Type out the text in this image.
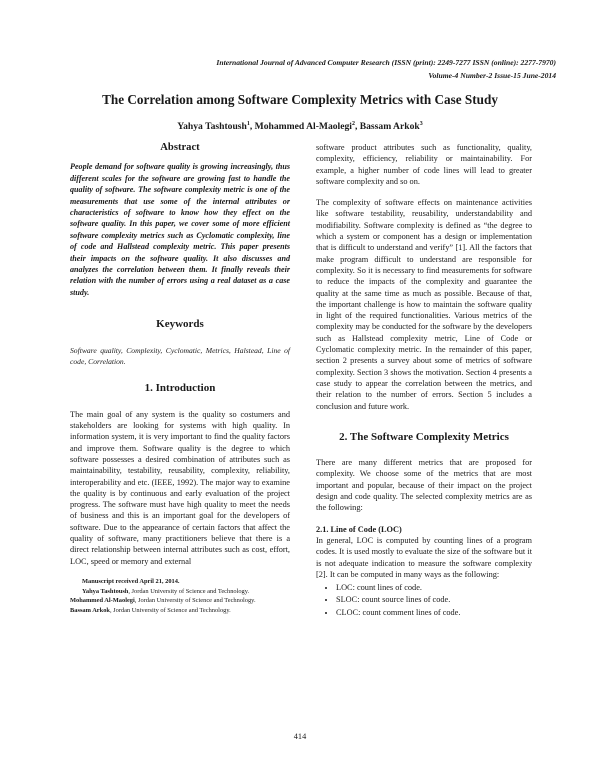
International Journal of Advanced Computer Research (ISSN (print): 2249-7277 ISSN (online): 2277-7970)
Volume-4 Number-2 Issue-15 June-2014
The Correlation among Software Complexity Metrics with Case Study
Yahya Tashtoush$^1$, Mohammed Al-Maolegi$^2$, Bassam Arkok$^3$
Abstract

People demand for software quality is growing increasingly, thus different scales for the software are growing fast to handle the quality of software. The software complexity metric is one of the measurements that use some of the internal attributes or characteristics of software to know how they effect on the software quality. In this paper, we cover some of more efficient software complexity metrics such as Cyclomatic complexity, line of code and Hallstead complexity metric. This paper presents their impacts on the software quality. It also discusses and analyzes the correlation between them. It finally reveals their relation with the number of errors using a real dataset as a case study.

Keywords

Software quality, Complexity, Cyclomatic, Metrics, Halstead, Line of code, Correlation.

1. Introduction

The main goal of any system is the quality so costumers and stakeholders are looking for systems with high quality. In information system, it is very important to find the quality factors and improve them. Software quality is the degree to which software possesses a desired combination of attributes such as maintainability, testability, reusability, complexity, reliability, interoperability and etc. (IEEE, 1992). The major way to examine the quality is by continuous and early evaluation of the project progress. The software must have high quality to meet the needs of business and this is an important goal for the developers of software. Due to the appearance of certain factors that affect the quality of software, many practitioners believe that there is a direct relationship between internal attributes such as cost, effort, LOC, speed or memory and external

Manuscript received April 21, 2014.
Yahya Tashtoush, Jordan University of Science and Technology.
Mohammed Al-Maolegi, Jordan University of Science and Technology.
Bassam Arkok, Jordan University of Science and Technology.

software product attributes such as functionality, quality, complexity, efficiency, reliability or maintainability. For example, a higher number of code lines will lead to greater software complexity and so on.

The complexity of software effects on maintenance activities like software testability, reusability, understandability and modifiability. Software complexity is defined as “the degree to which a system or component has a design or implementation that is difficult to understand and verify” [1]. All the factors that make program difficult to understand are responsible for complexity. So it is necessary to find measurements for software to reduce the impacts of the complexity and guarantee the quality at the same time as much as possible. Because of that, the important challenge is how to maintain the software quality in light of the required functionalities. Various metrics of the complexity may be conducted for the software by the developers such as Hallstead complexity metric, Line of Code or Cyclomatic complexity metric. In the remainder of this paper, section 2 presents a survey about some of metrics of software complexity. Section 3 shows the motivation. Section 4 presents a case study to appear the correlation between the metrics, and their relation to the number of errors. Section 5 includes a conclusion and future work.

2. The Software Complexity Metrics

There are many different metrics that are proposed for complexity. We choose some of the metrics that are most important and popular, because of their impact on the project design and code quality. The selected complexity metrics are as the following:

2.1. Line of Code (LOC)

In general, LOC is computed by counting lines of a program codes. It is used mostly to evaluate the size of the software but it is not adequate indication to measure the software complexity [2]. It can be computed in many ways as the following:

• LOC: count lines of code.
• SLOC: count source lines of code.
• CLOC: count comment lines of code.
414
